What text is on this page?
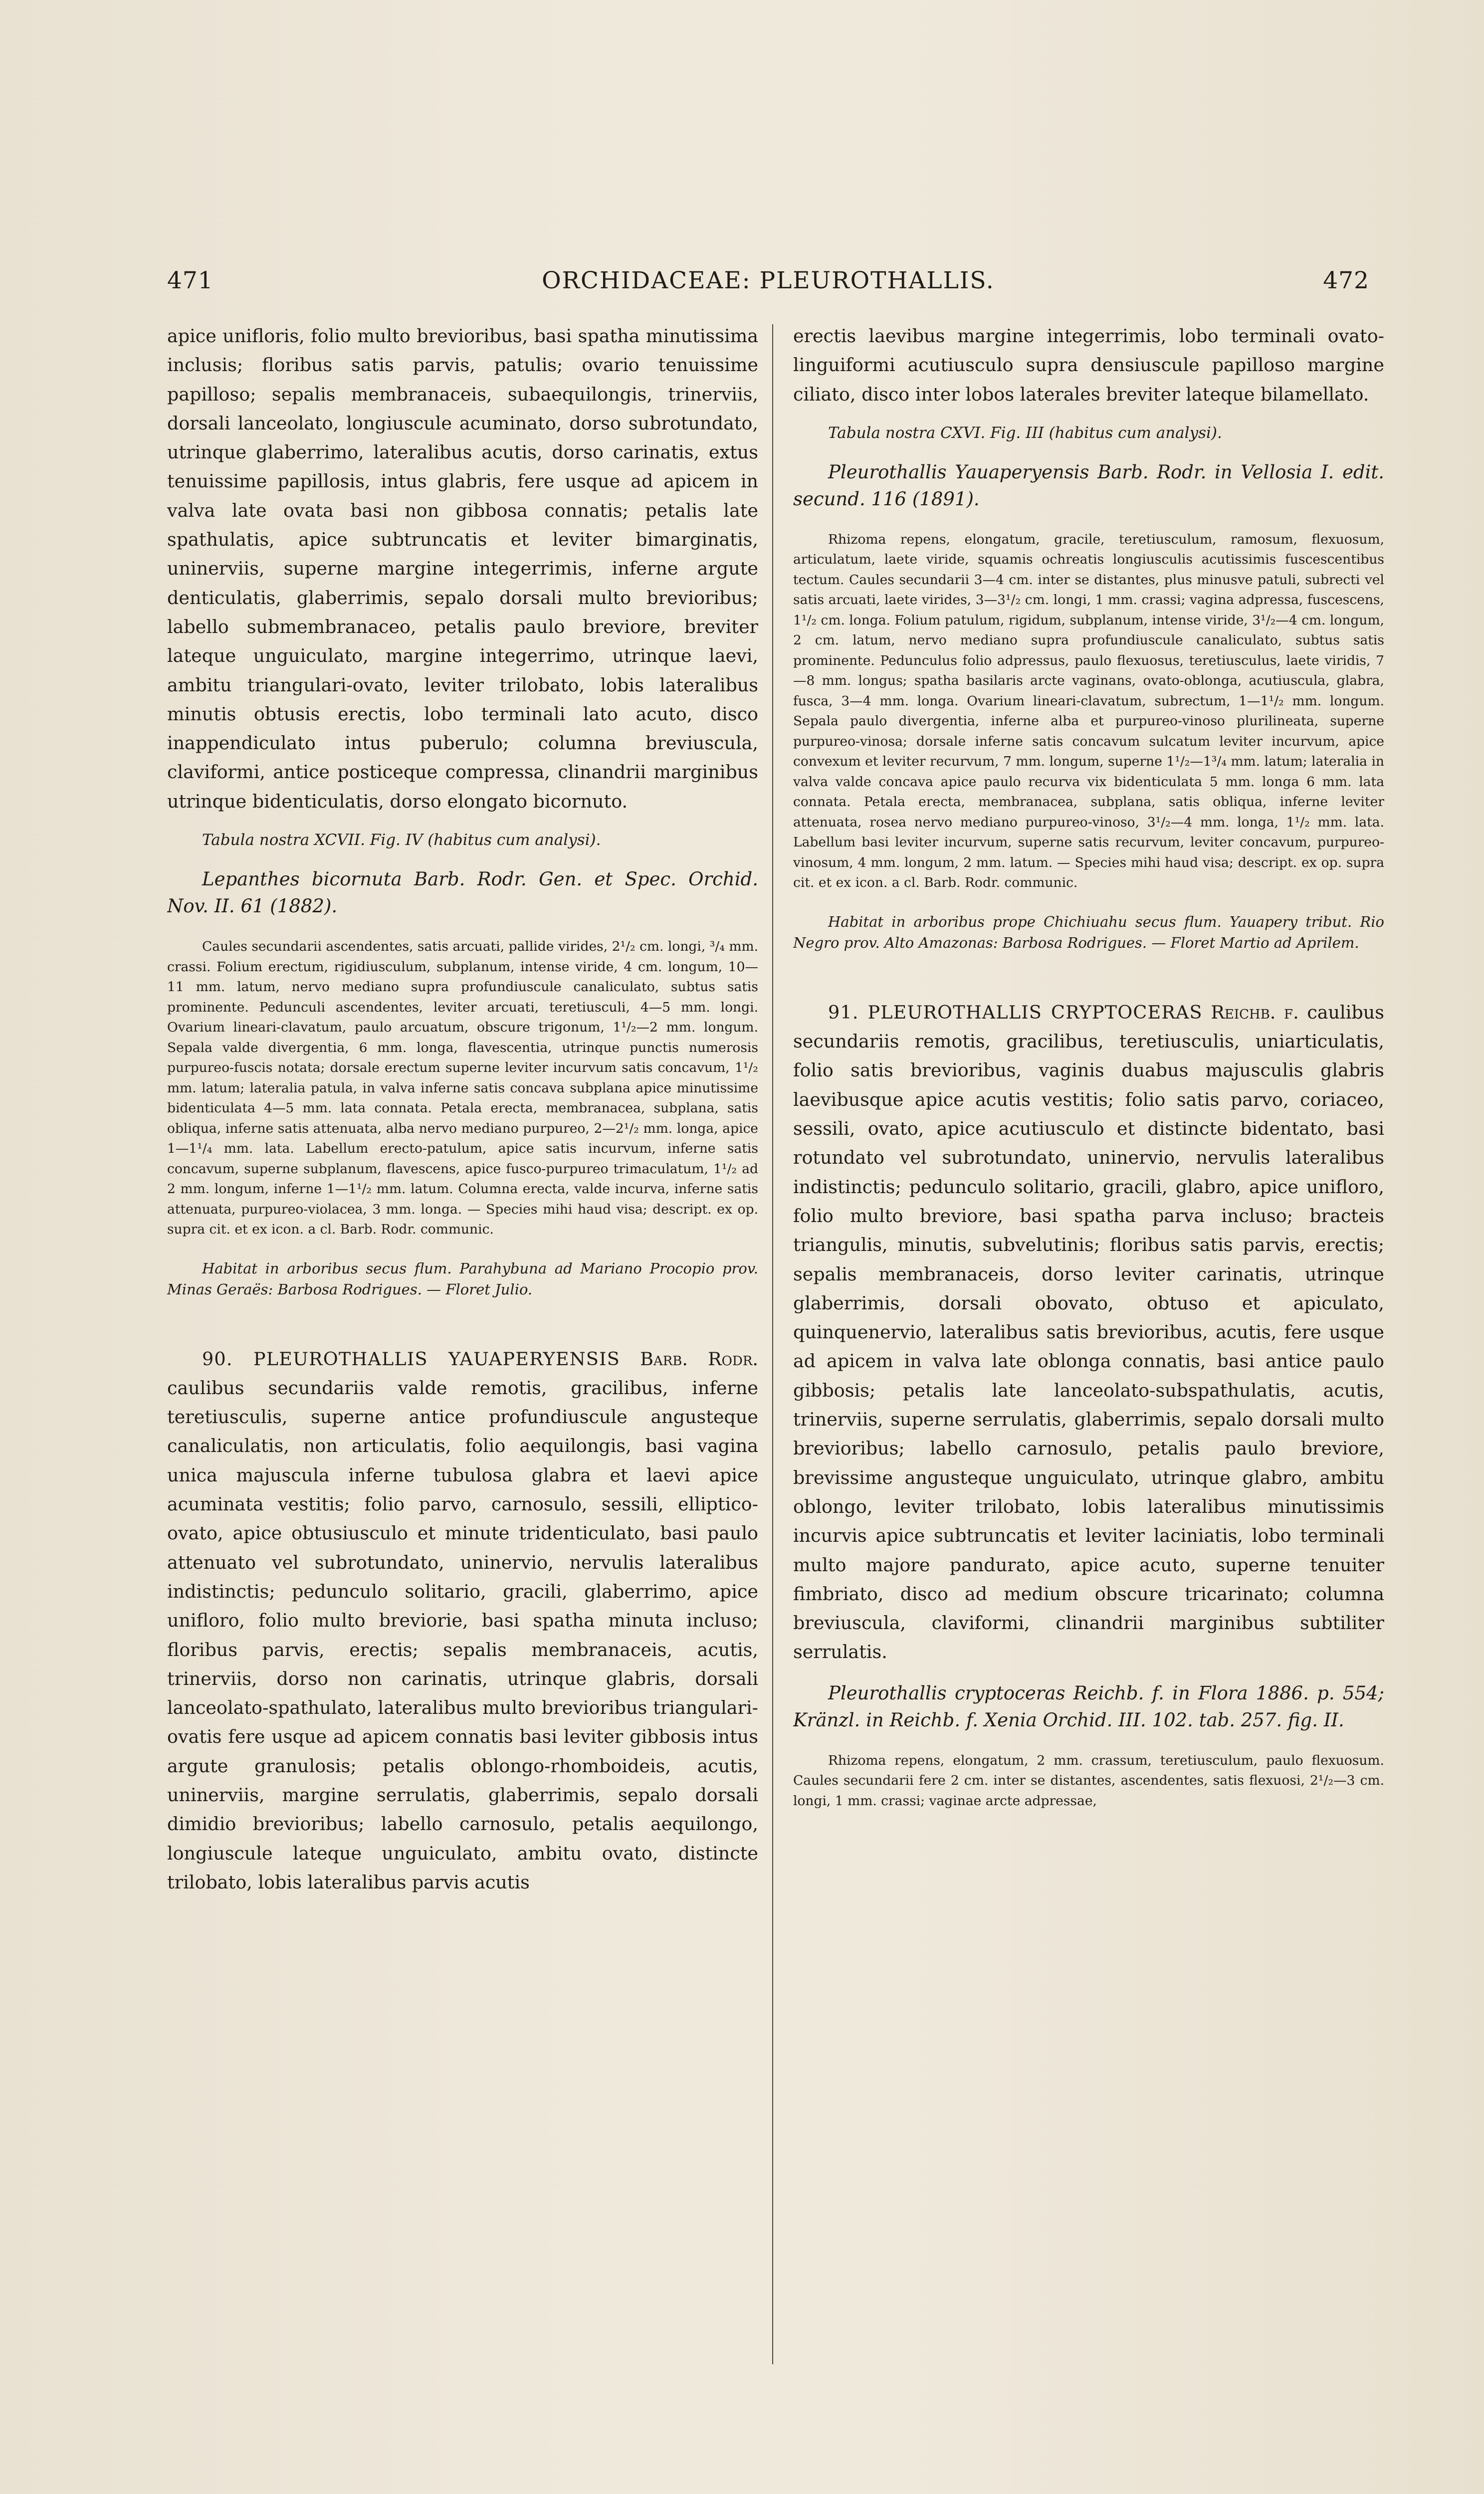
471	ORCHIDACEAE: PLEUROTHALLIS.	472

apice unifloris, folio multo brevioribus, basi spatha minutissima inclusis; floribus satis parvis, patulis; ovario tenuissime papilloso; sepalis membranaceis, subaequilongis, trinerviis, dorsali lanceolato, longiuscule acuminato, dorso subrotundato, utrinque glaberrimo, lateralibus acutis, dorso carinatis, extus tenuissime papillosis, intus glabris, fere usque ad apicem in valva late ovata basi non gibbosa connatis; petalis late spathulatis, apice subtruncatis et leviter bimarginatis, uninerviis, superne margine integerrimis, inferne argute denticulatis, glaberrimis, sepalo dorsali multo brevioribus; labello submembranaceo, petalis paulo breviore, breviter lateque unguiculato, margine integerrimo, utrinque laevi, ambitu triangulari-ovato, leviter trilobato, lobis lateralibus minutis obtusis erectis, lobo terminali lato acuto, disco inappendiculato intus puberulo; columna breviuscula, claviformi, antice posticeque compressa, clinandrii marginibus utrinque bidenticulatis, dorso elongato bicornuto.

Tabula nostra XCVII. Fig. IV (habitus cum analysi).

Lepanthes bicornuta Barb. Rodr. Gen. et Spec. Orchid. Nov. II. 61 (1882).

Caules secundarii ascendentes, satis arcuati, pallide virides, 2¹/₂ cm. longi, ³/₄ mm. crassi. Folium erectum, rigidiusculum, subplanum, intense viride, 4 cm. longum, 10—11 mm. latum, nervo mediano supra profundiuscule canaliculato, subtus satis prominente. Pedunculi ascendentes, leviter arcuati, teretiusculi, 4—5 mm. longi. Ovarium lineari-clavatum, paulo arcuatum, obscure trigonum, 1¹/₂—2 mm. longum. Sepala valde divergentia, 6 mm. longa, flavescentia, utrinque punctis numerosis purpureo-fuscis notata; dorsale erectum superne leviter incurvum satis concavum, 1¹/₂ mm. latum; lateralia patula, in valva inferne satis concava subplana apice minutissime bidenticulata 4—5 mm. lata connata. Petala erecta, membranacea, subplana, satis obliqua, inferne satis attenuata, alba nervo mediano purpureo, 2—2¹/₂ mm. longa, apice 1—1¹/₄ mm. lata. Labellum erecto-patulum, apice satis incurvum, inferne satis concavum, superne subplanum, flavescens, apice fusco-purpureo trimaculatum, 1¹/₂ ad 2 mm. longum, inferne 1—1¹/₂ mm. latum. Columna erecta, valde incurva, inferne satis attenuata, purpureo-violacea, 3 mm. longa. — Species mihi haud visa; descript. ex op. supra cit. et ex icon. a cl. Barb. Rodr. communic.

Habitat in arboribus secus flum. Parahybuna ad Mariano Procopio prov. Minas Geraës: Barbosa Rodrigues. — Floret Julio.

90. PLEUROTHALLIS YAUAPERYENSIS Barb. Rodr. caulibus secundariis valde remotis, gracilibus, inferne teretiusculis, superne antice profundiuscule angusteque canaliculatis, non articulatis, folio aequilongis, basi vagina unica majuscula inferne tubulosa glabra et laevi apice acuminata vestitis; folio parvo, carnosulo, sessili, elliptico-ovato, apice obtusiusculo et minute tridenticulato, basi paulo attenuato vel subrotundato, uninervio, nervulis lateralibus indistinctis; pedunculo solitario, gracili, glaberrimo, apice unifloro, folio multo breviorie, basi spatha minuta incluso; floribus parvis, erectis; sepalis membranaceis, acutis, trinerviis, dorso non carinatis, utrinque glabris, dorsali lanceolato-spathulato, lateralibus multo brevioribus triangulari-ovatis fere usque ad apicem connatis basi leviter gibbosis intus argute granulosis; petalis oblongo-rhomboideis, acutis, uninerviis, margine serrulatis, glaberrimis, sepalo dorsali dimidio brevioribus; labello carnosulo, petalis aequilongo, longiuscule lateque unguiculato, ambitu ovato, distincte trilobato, lobis lateralibus parvis acutis

erectis laevibus margine integerrimis, lobo terminali ovato-linguiformi acutiusculo supra densiuscule papilloso margine ciliato, disco inter lobos laterales breviter lateque bilamellato.

Tabula nostra CXVI. Fig. III (habitus cum analysi).

Pleurothallis Yauaperyensis Barb. Rodr. in Vellosia I. edit. secund. 116 (1891).

Rhizoma repens, elongatum, gracile, teretiusculum, ramosum, flexuosum, articulatum, laete viride, squamis ochreatis longiusculis acutissimis fuscescentibus tectum. Caules secundarii 3—4 cm. inter se distantes, plus minusve patuli, subrecti vel satis arcuati, laete virides, 3—3¹/₂ cm. longi, 1 mm. crassi; vagina adpressa, fuscescens, 1¹/₂ cm. longa. Folium patulum, rigidum, subplanum, intense viride, 3¹/₂—4 cm. longum, 2 cm. latum, nervo mediano supra profundiuscule canaliculato, subtus satis prominente. Pedunculus folio adpressus, paulo flexuosus, teretiusculus, laete viridis, 7—8 mm. longus; spatha basilaris arcte vaginans, ovato-oblonga, acutiuscula, glabra, fusca, 3—4 mm. longa. Ovarium lineari-clavatum, subrectum, 1—1¹/₂ mm. longum. Sepala paulo divergentia, inferne alba et purpureo-vinoso plurilineata, superne purpureo-vinosa; dorsale inferne satis concavum sulcatum leviter incurvum, apice convexum et leviter recurvum, 7 mm. longum, superne 1¹/₂—1³/₄ mm. latum; lateralia in valva valde concava apice paulo recurva vix bidenticulata 5 mm. longa 6 mm. lata connata. Petala erecta, membranacea, subplana, satis obliqua, inferne leviter attenuata, rosea nervo mediano purpureo-vinoso, 3¹/₂—4 mm. longa, 1¹/₂ mm. lata. Labellum basi leviter incurvum, superne satis recurvum, leviter concavum, purpureo-vinosum, 4 mm. longum, 2 mm. latum. — Species mihi haud visa; descript. ex op. supra cit. et ex icon. a cl. Barb. Rodr. communic.

Habitat in arboribus prope Chichiuahu secus flum. Yauapery tribut. Rio Negro prov. Alto Amazonas: Barbosa Rodrigues. — Floret Martio ad Aprilem.

91. PLEUROTHALLIS CRYPTOCERAS Reichb. f. caulibus secundariis remotis, gracilibus, teretiusculis, uniarticulatis, folio satis brevioribus, vaginis duabus majusculis glabris laevibusque apice acutis vestitis; folio satis parvo, coriaceo, sessili, ovato, apice acutiusculo et distincte bidentato, basi rotundato vel subrotundato, uninervio, nervulis lateralibus indistinctis; pedunculo solitario, gracili, glabro, apice unifloro, folio multo breviore, basi spatha parva incluso; bracteis triangulis, minutis, subvelutinis; floribus satis parvis, erectis; sepalis membranaceis, dorso leviter carinatis, utrinque glaberrimis, dorsali obovato, obtuso et apiculato, quinquenervio, lateralibus satis brevioribus, acutis, fere usque ad apicem in valva late oblonga connatis, basi antice paulo gibbosis; petalis late lanceolato-subspathulatis, acutis, trinerviis, superne serrulatis, glaberrimis, sepalo dorsali multo brevioribus; labello carnosulo, petalis paulo breviore, brevissime angusteque unguiculato, utrinque glabro, ambitu oblongo, leviter trilobato, lobis lateralibus minutissimis incurvis apice subtruncatis et leviter laciniatis, lobo terminali multo majore pandurato, apice acuto, superne tenuiter fimbriato, disco ad medium obscure tricarinato; columna breviuscula, claviformi, clinandrii marginibus subtiliter serrulatis.

Pleurothallis cryptoceras Reichb. f. in Flora 1886. p. 554; Kränzl. in Reichb. f. Xenia Orchid. III. 102. tab. 257. fig. II.

Rhizoma repens, elongatum, 2 mm. crassum, teretiusculum, paulo flexuosum. Caules secundarii fere 2 cm. inter se distantes, ascendentes, satis flexuosi, 2¹/₂—3 cm. longi, 1 mm. crassi; vaginae arcte adpressae,
